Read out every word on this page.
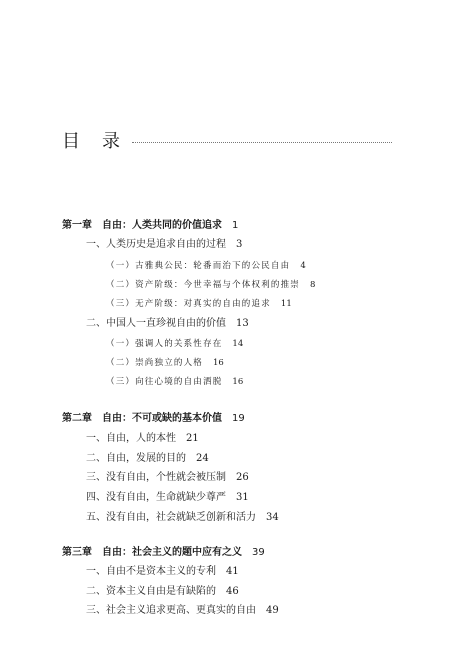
目录
第一章 自由：人类共同的价值追求 1
一、人类历史是追求自由的过程 3
（一）古雅典公民：轮番而治下的公民自由 4
（二）资产阶级：今世幸福与个体权利的推崇 8
（三）无产阶级：对真实的自由的追求 11
二、中国人一直珍视自由的价值 13
（一）强调人的关系性存在 14
（二）崇尚独立的人格 16
（三）向往心境的自由洒脱 16
第二章 自由：不可或缺的基本价值 19
一、自由，人的本性 21
二、自由，发展的目的 24
三、没有自由，个性就会被压制 26
四、没有自由，生命就缺少尊严 31
五、没有自由，社会就缺乏创新和活力 34
第三章 自由：社会主义的题中应有之义 39
一、自由不是资本主义的专利 41
二、资本主义自由是有缺陷的 46
三、社会主义追求更高、更真实的自由 49
